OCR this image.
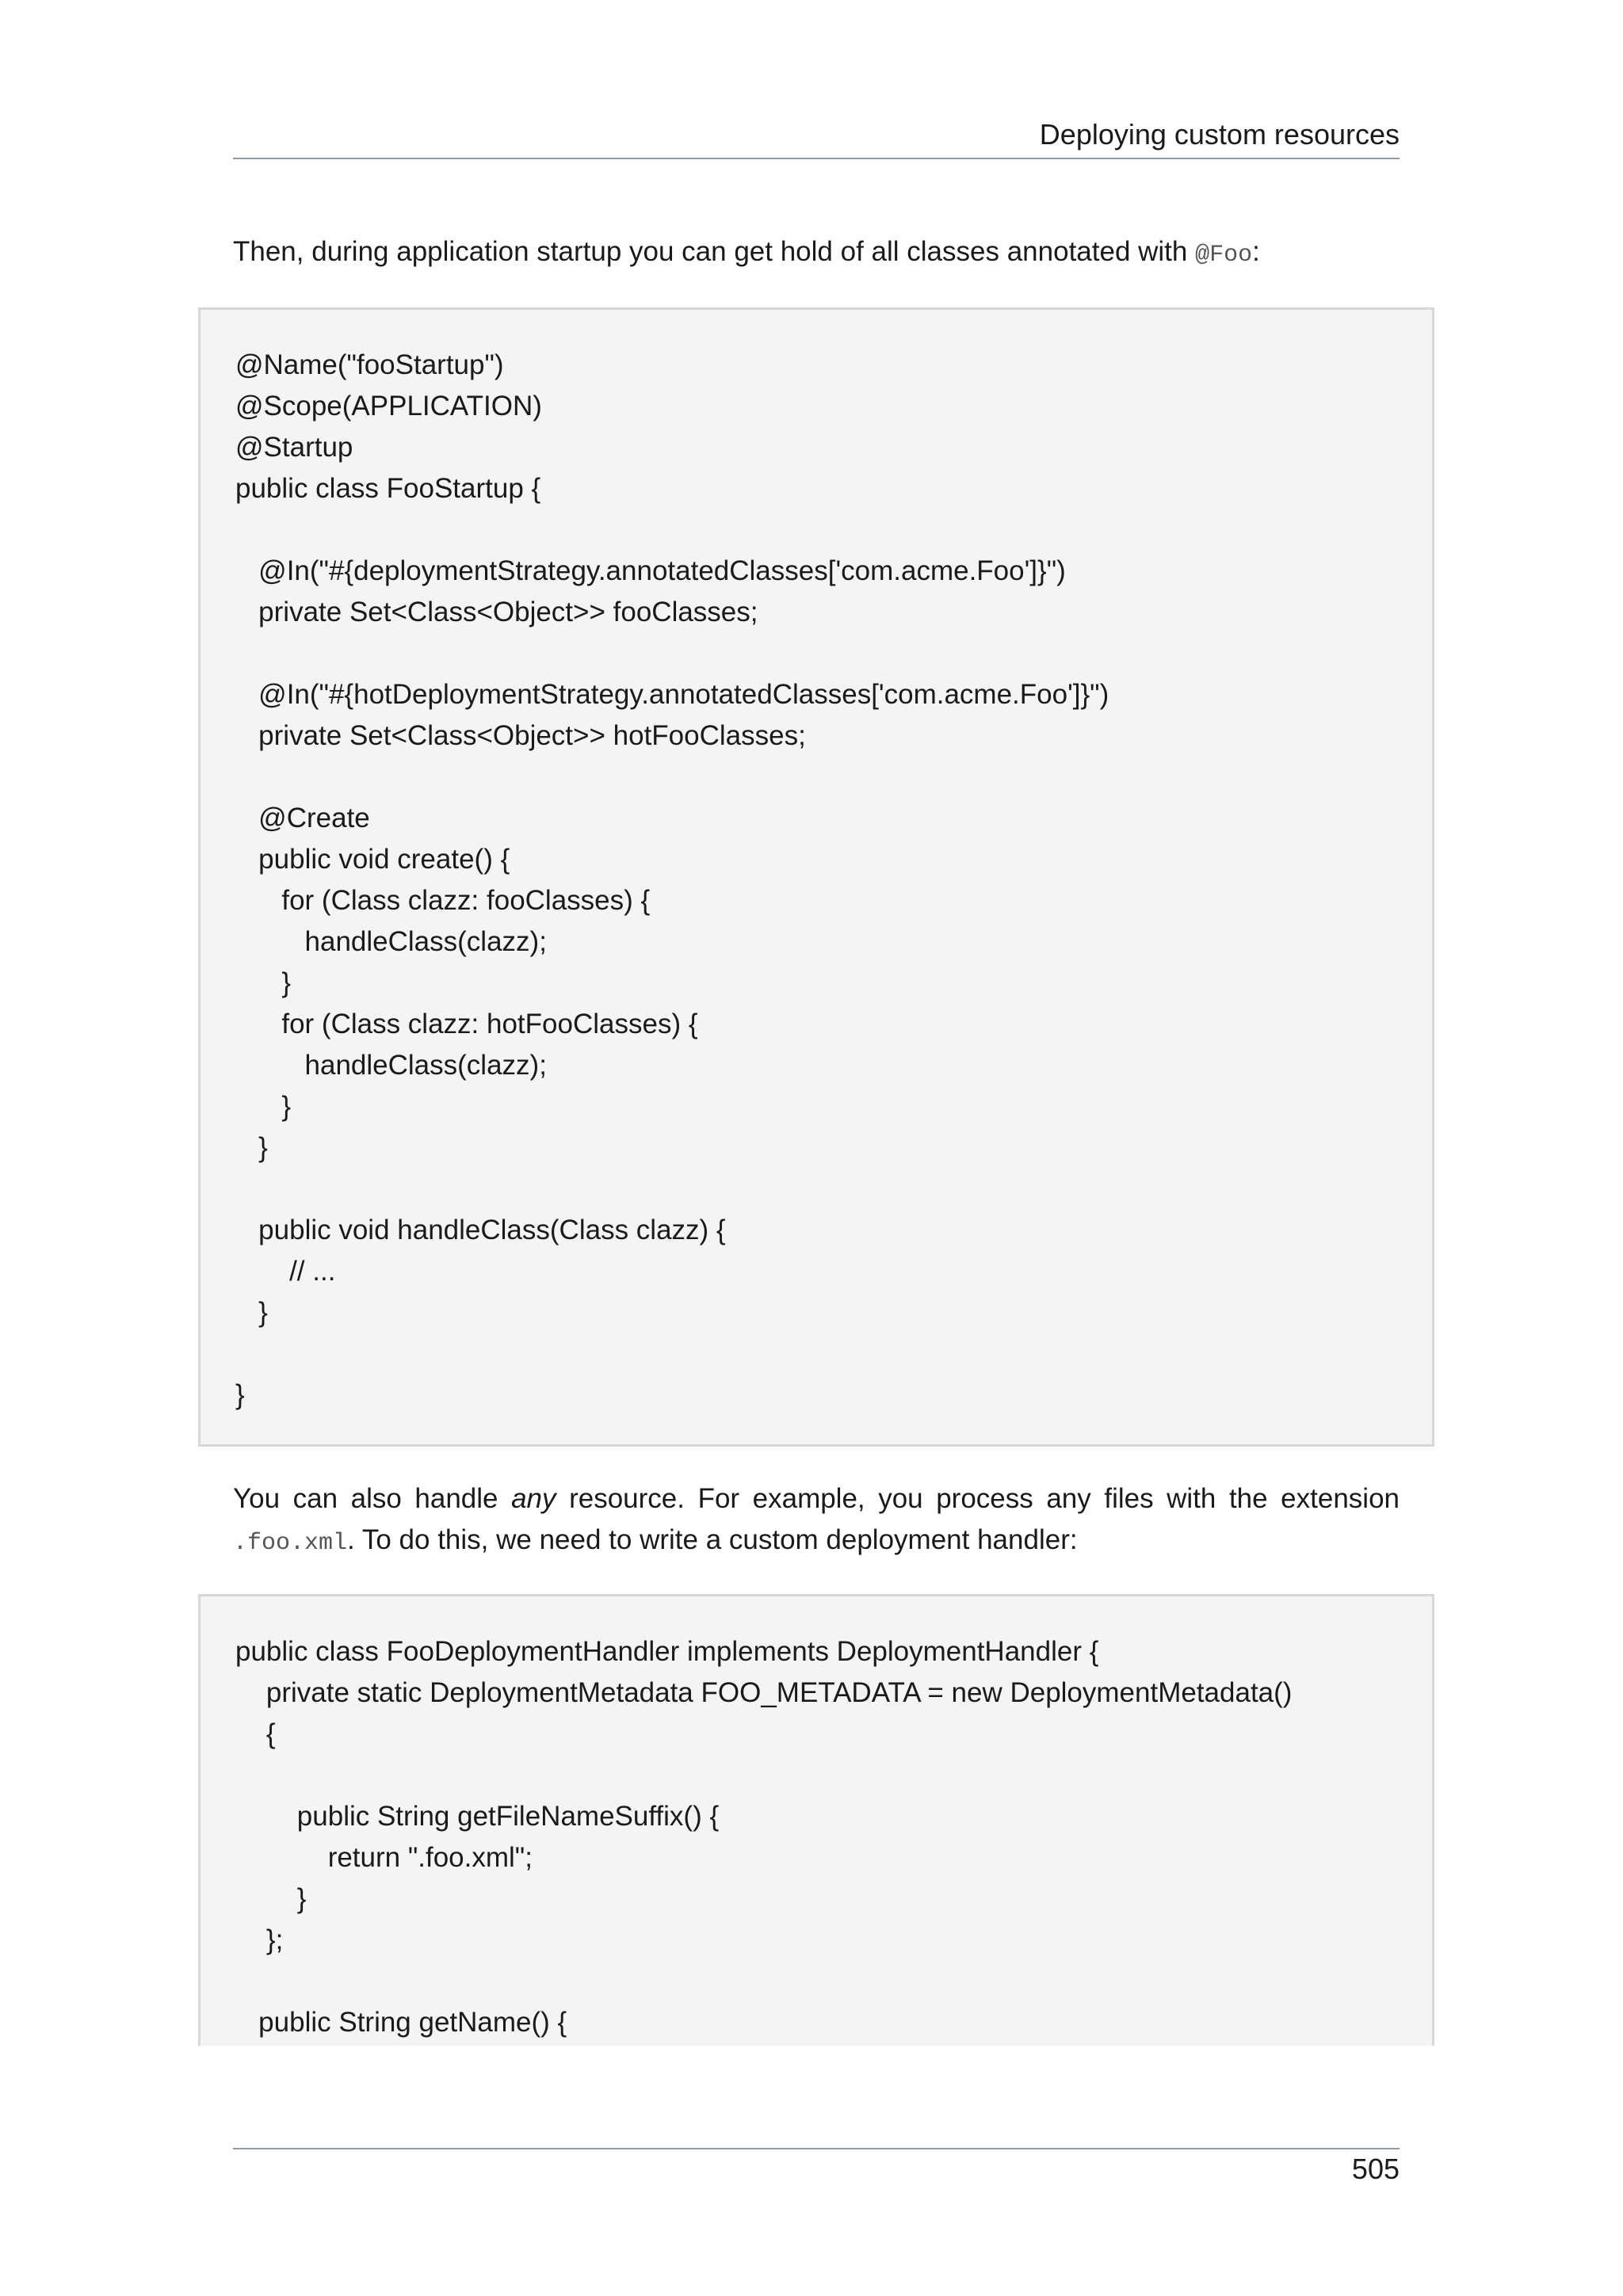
Deploying custom resources
Then, during application startup you can get hold of all classes annotated with @Foo:
@Name("fooStartup")
@Scope(APPLICATION)
@Startup
public class FooStartup {
@In("#{deploymentStrategy.annotatedClasses['com.acme.Foo']}")
private Set<Class<Object>> fooClasses;
@In("#{hotDeploymentStrategy.annotatedClasses['com.acme.Foo']}")
private Set<Class<Object>> hotFooClasses;
@Create
public void create() {
for (Class clazz: fooClasses) {
handleClass(clazz);
}
for (Class clazz: hotFooClasses) {
handleClass(clazz);
}
}
public void handleClass(Class clazz) {
// ...
}
}
You can also handle any resource. For example, you process any files with the extension .foo.xml. To do this, we need to write a custom deployment handler:
public class FooDeploymentHandler implements DeploymentHandler {
private static DeploymentMetadata FOO_METADATA = new DeploymentMetadata()
{
public String getFileNameSuffix() {
return ".foo.xml";
}
};
public String getName() {
505
